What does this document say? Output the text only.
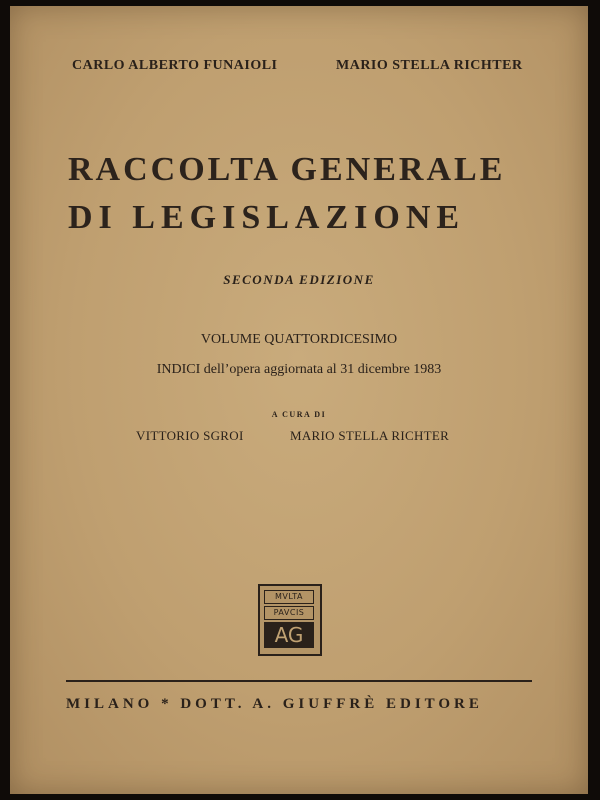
CARLO ALBERTO FUNAIOLI	MARIO STELLA RICHTER
RACCOLTA GENERALE
DI LEGISLAZIONE
SECONDA EDIZIONE
VOLUME QUATTORDICESIMO
INDICI dell’opera aggiornata al 31 dicembre 1983
A CURA DI
VITTORIO SGROI	MARIO STELLA RICHTER
MVLTA
PAVCIS
AG
MILANO * DOTT. A. GIUFFRÈ EDITORE
